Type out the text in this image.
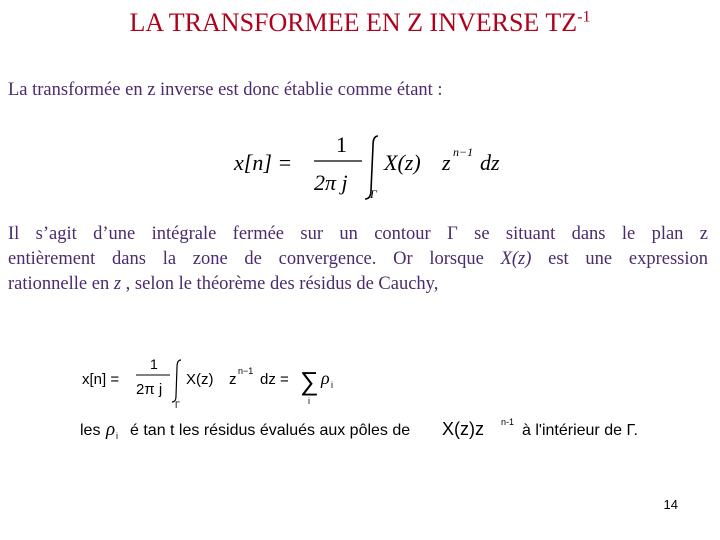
LA TRANSFORMEE EN Z INVERSE $TZ^{-1}$
La transformée en z inverse est donc établie comme étant :
x[n] =
1
2π j Γ
X(z) z n−1 dz
Il s’agit d’une intégrale fermée sur un contour Γ se situant dans le plan z
entièrement dans la zone de convergence. Or lorsque X(z) est une expression
rationnelle en z , selon le théorème des résidus de Cauchy,
x[n] =
1
2π j
Γ
X(z) z n−1 dz = ∑
i
ρ i
les ρ i é tan t les résidus évalués aux pôles de X(z)z n-1 à l'intérieur de Γ.
14
